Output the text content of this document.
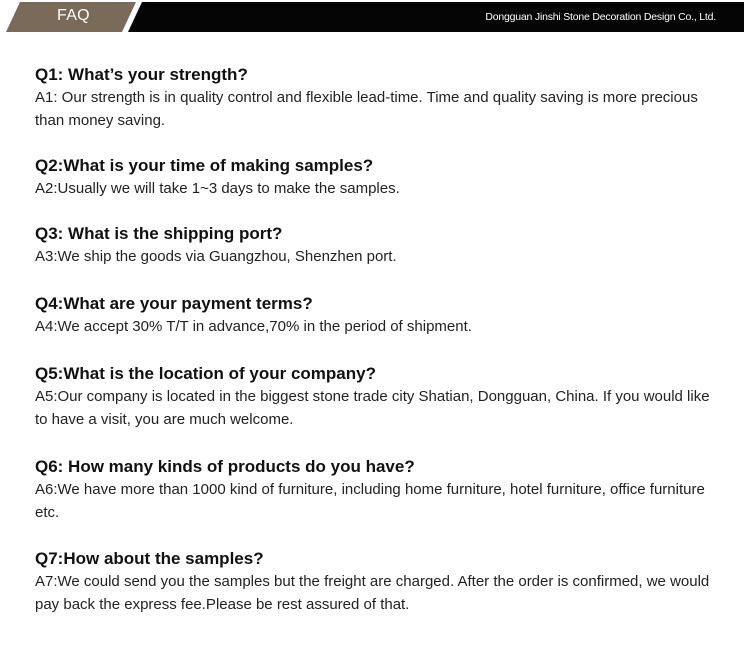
FAQ	Dongguan Jinshi Stone Decoration Design Co., Ltd.

Q1: What’s your strength?

A1: Our strength is in quality control and flexible lead-time. Time and quality saving is more precious than money saving.

Q2:What is your time of making samples?

A2:Usually we will take 1~3 days to make the samples.

Q3: What is the shipping port?

A3:We ship the goods via Guangzhou, Shenzhen port.

Q4:What are your payment terms?

A4:We accept 30% T/T in advance,70% in the period of shipment.

Q5:What is the location of your company?

A5:Our company is located in the biggest stone trade city Shatian, Dongguan, China. If you would like to have a visit, you are much welcome.

Q6: How many kinds of products do you have?

A6:We have more than 1000 kind of furniture, including home furniture, hotel furniture, office furniture etc.

Q7:How about the samples?

A7:We could send you the samples but the freight are charged. After the order is confirmed, we would pay back the express fee.Please be rest assured of that.
